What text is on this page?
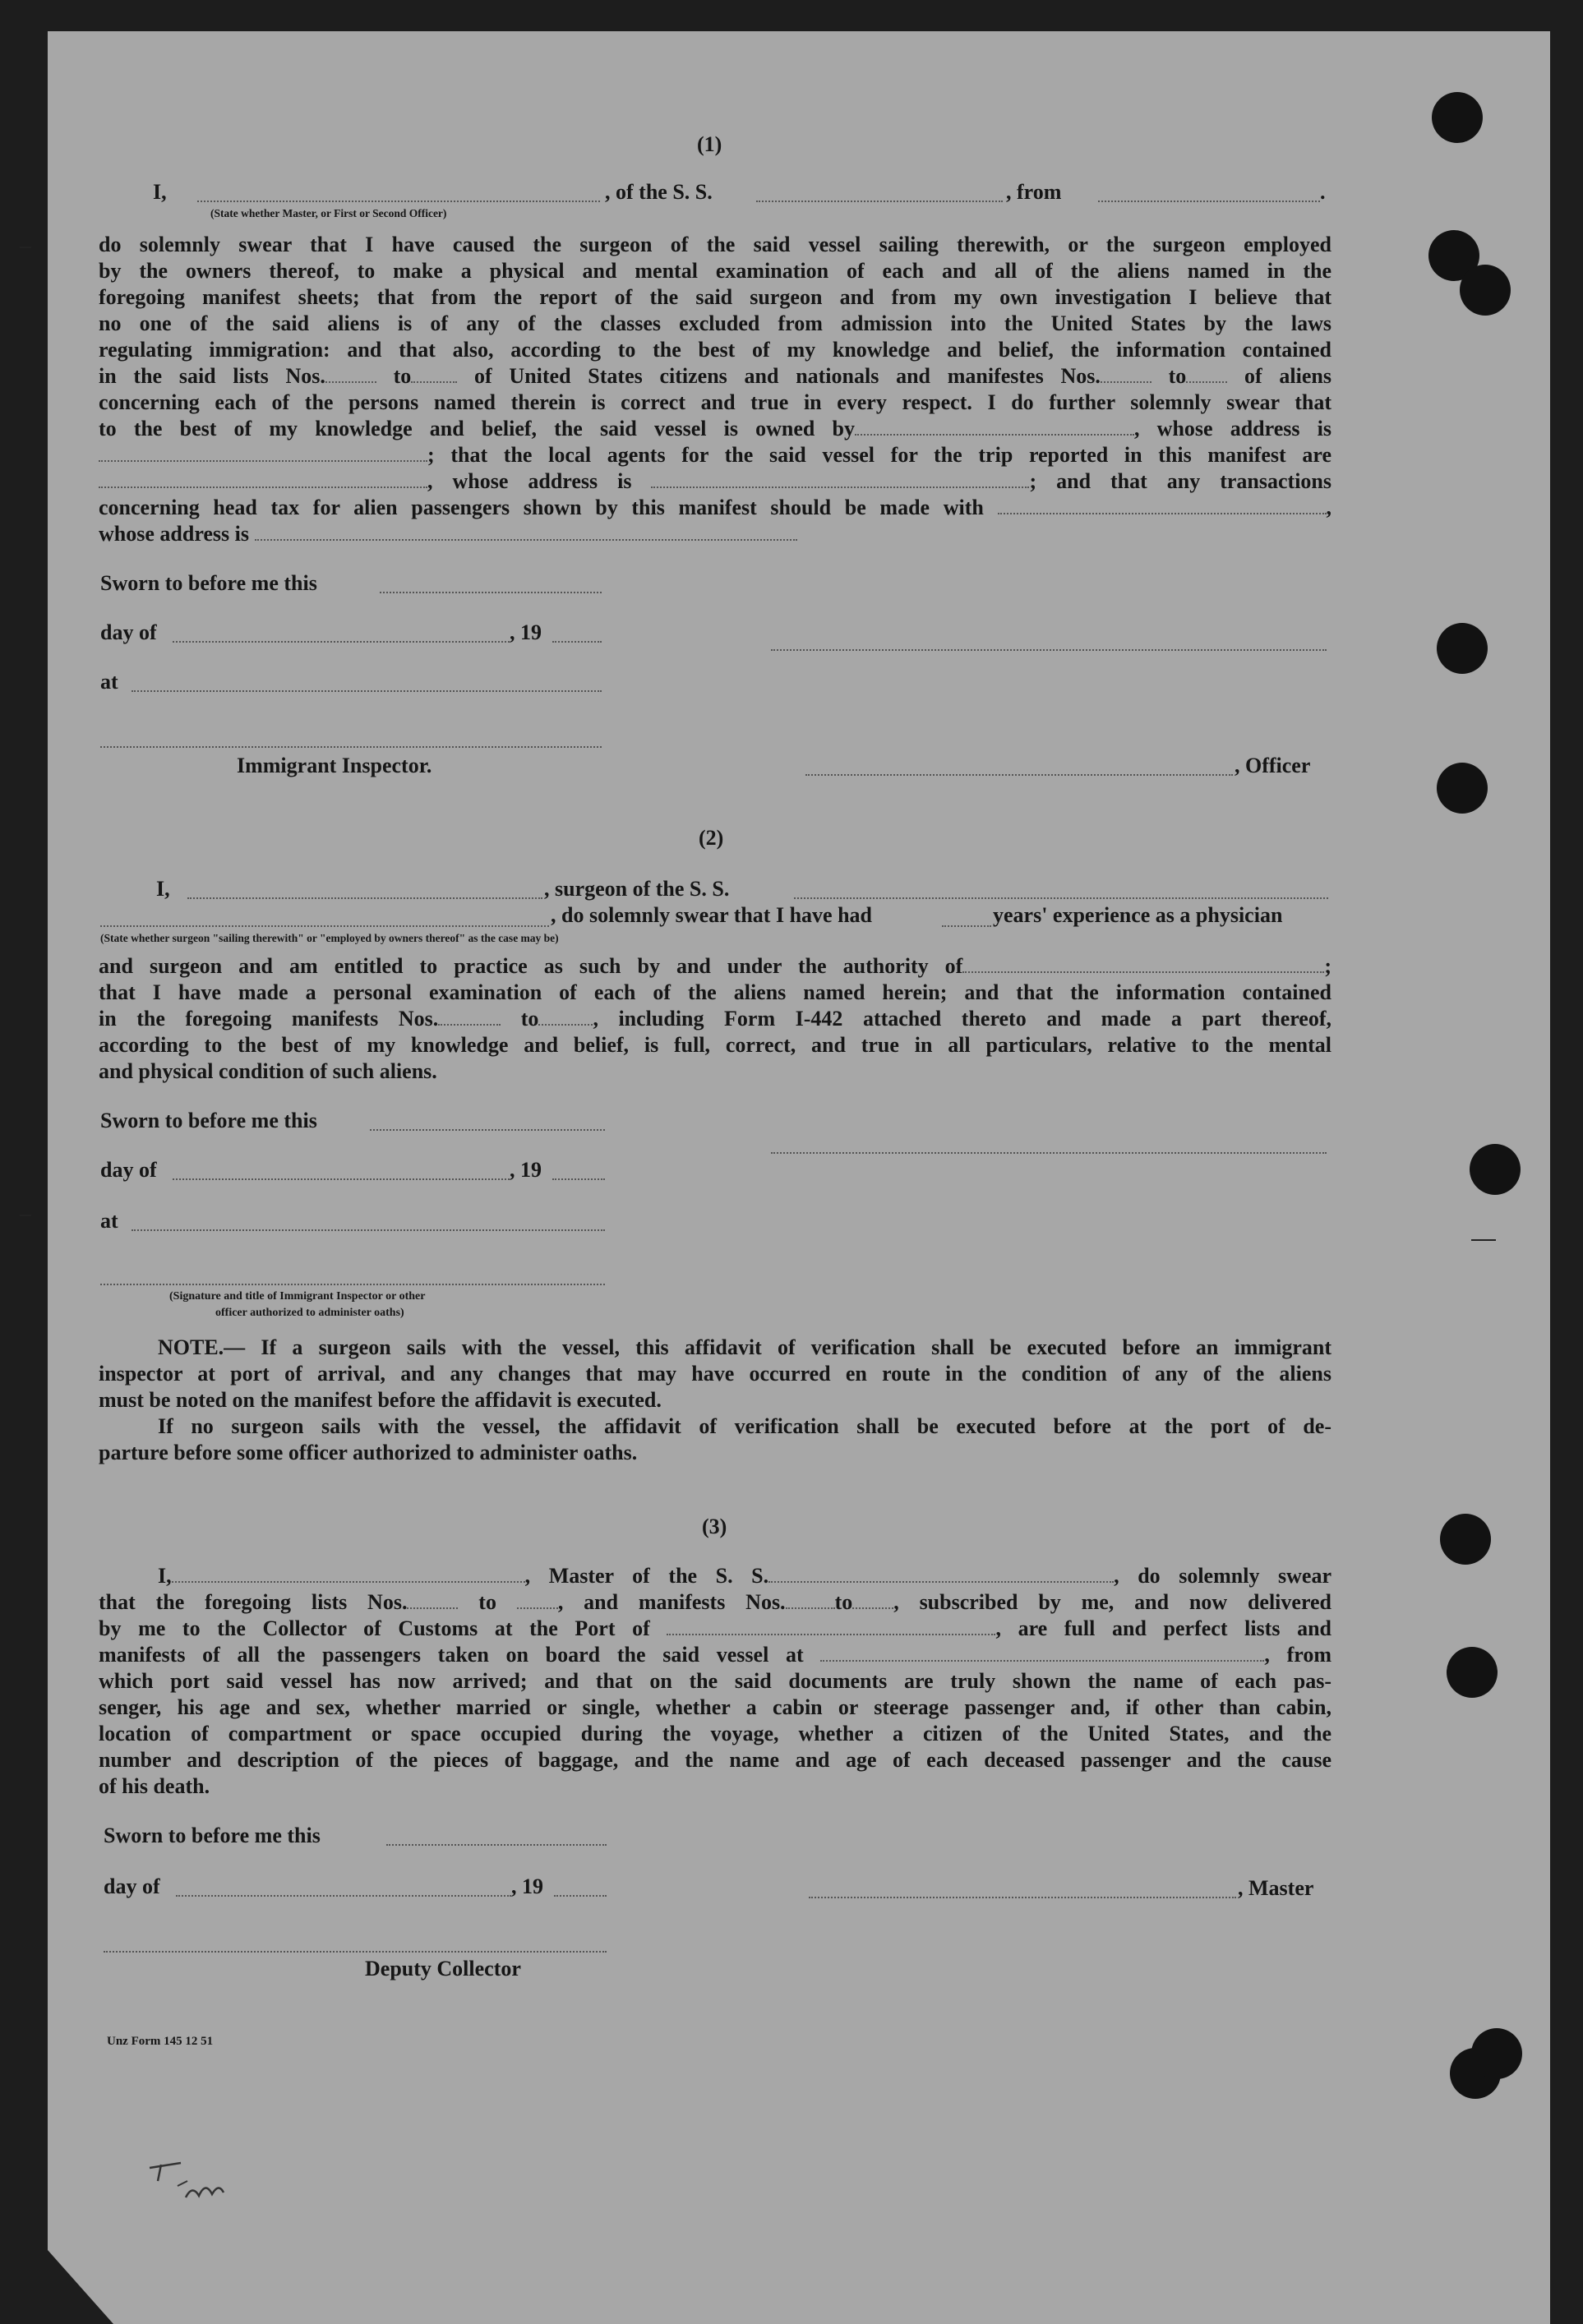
(1)
I,
(State whether Master, or First or Second Officer)
, of the S. S.	, from	.
do solemnly swear that I have caused the surgeon of the said vessel sailing therewith, or the surgeon employed
by the owners thereof, to make a physical and mental examination of each and all of the aliens named in the
foregoing manifest sheets; that from the report of the said surgeon and from my own investigation I believe that
no one of the said aliens is of any of the classes excluded from admission into the United States by the laws
regulating immigration: and that also, according to the best of my knowledge and belief, the information contained
in the said lists Nos.	to	of United States citizens and nationals and manifestes Nos.	to	of aliens
concerning each of the persons named therein is correct and true in every respect. I do further solemnly swear that
to the best of my knowledge and belief, the said vessel is owned by	, whose address is
; that the local agents for the said vessel for the trip reported in this manifest are
, whose address is	; and that any transactions
concerning head tax for alien passengers shown by this manifest should be made with	,
whose address is
Sworn to before me this
day of	, 19
at
Immigrant Inspector.	, Officer
(2)
I,	, surgeon of the S. S.
, do solemnly swear that I have had	years' experience as a physician
(State whether surgeon "sailing therewith" or "employed by owners thereof" as the case may be)
and surgeon and am entitled to practice as such by and under the authority of	;
that I have made a personal examination of each of the aliens named herein; and that the information contained
in the foregoing manifests Nos.	to	, including Form I-442 attached thereto and made a part thereof,
according to the best of my knowledge and belief, is full, correct, and true in all particulars, relative to the mental
and physical condition of such aliens.
Sworn to before me this
day of	, 19
at
(Signature and title of Immigrant Inspector or other
officer authorized to administer oaths)
NOTE.— If a surgeon sails with the vessel, this affidavit of verification shall be executed before an immigrant
inspector at port of arrival, and any changes that may have occurred en route in the condition of any of the aliens
must be noted on the manifest before the affidavit is executed.
If no surgeon sails with the vessel, the affidavit of verification shall be executed before at the port of de-
parture before some officer authorized to administer oaths.
(3)
I,	, Master of the S. S.	, do solemnly swear
that the foregoing lists Nos.	to	, and manifests Nos. to , subscribed by me, and now delivered
by me to the Collector of Customs at the Port of	, are full and perfect lists and
manifests of all the passengers taken on board the said vessel at	, from
which port said vessel has now arrived; and that on the said documents are truly shown the name of each pas-
senger, his age and sex, whether married or single, whether a cabin or steerage passenger and, if other than cabin,
location of compartment or space occupied during the voyage, whether a citizen of the United States, and the
number and description of the pieces of baggage, and the name and age of each deceased passenger and the cause
of his death.
Sworn to before me this
day of	, 19	, Master
Deputy Collector
Unz Form 145 12 51
